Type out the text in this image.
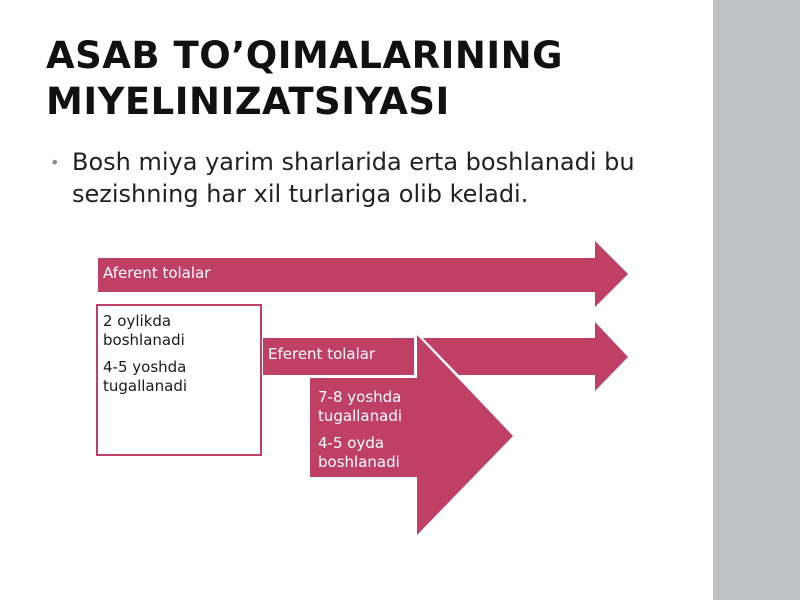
ASAB TO’QIMALARINING MIYELINIZATSIYASI
• Bosh miya yarim sharlarida erta boshlanadi bu sezishning har xil turlariga olib keladi.
Aferent tolalar

2 oylikda boshlanadi

4-5 yoshda tugallanadi

Eferent tolalar

7-8 yoshda tugallanadi

4-5 oyda boshlanadi
